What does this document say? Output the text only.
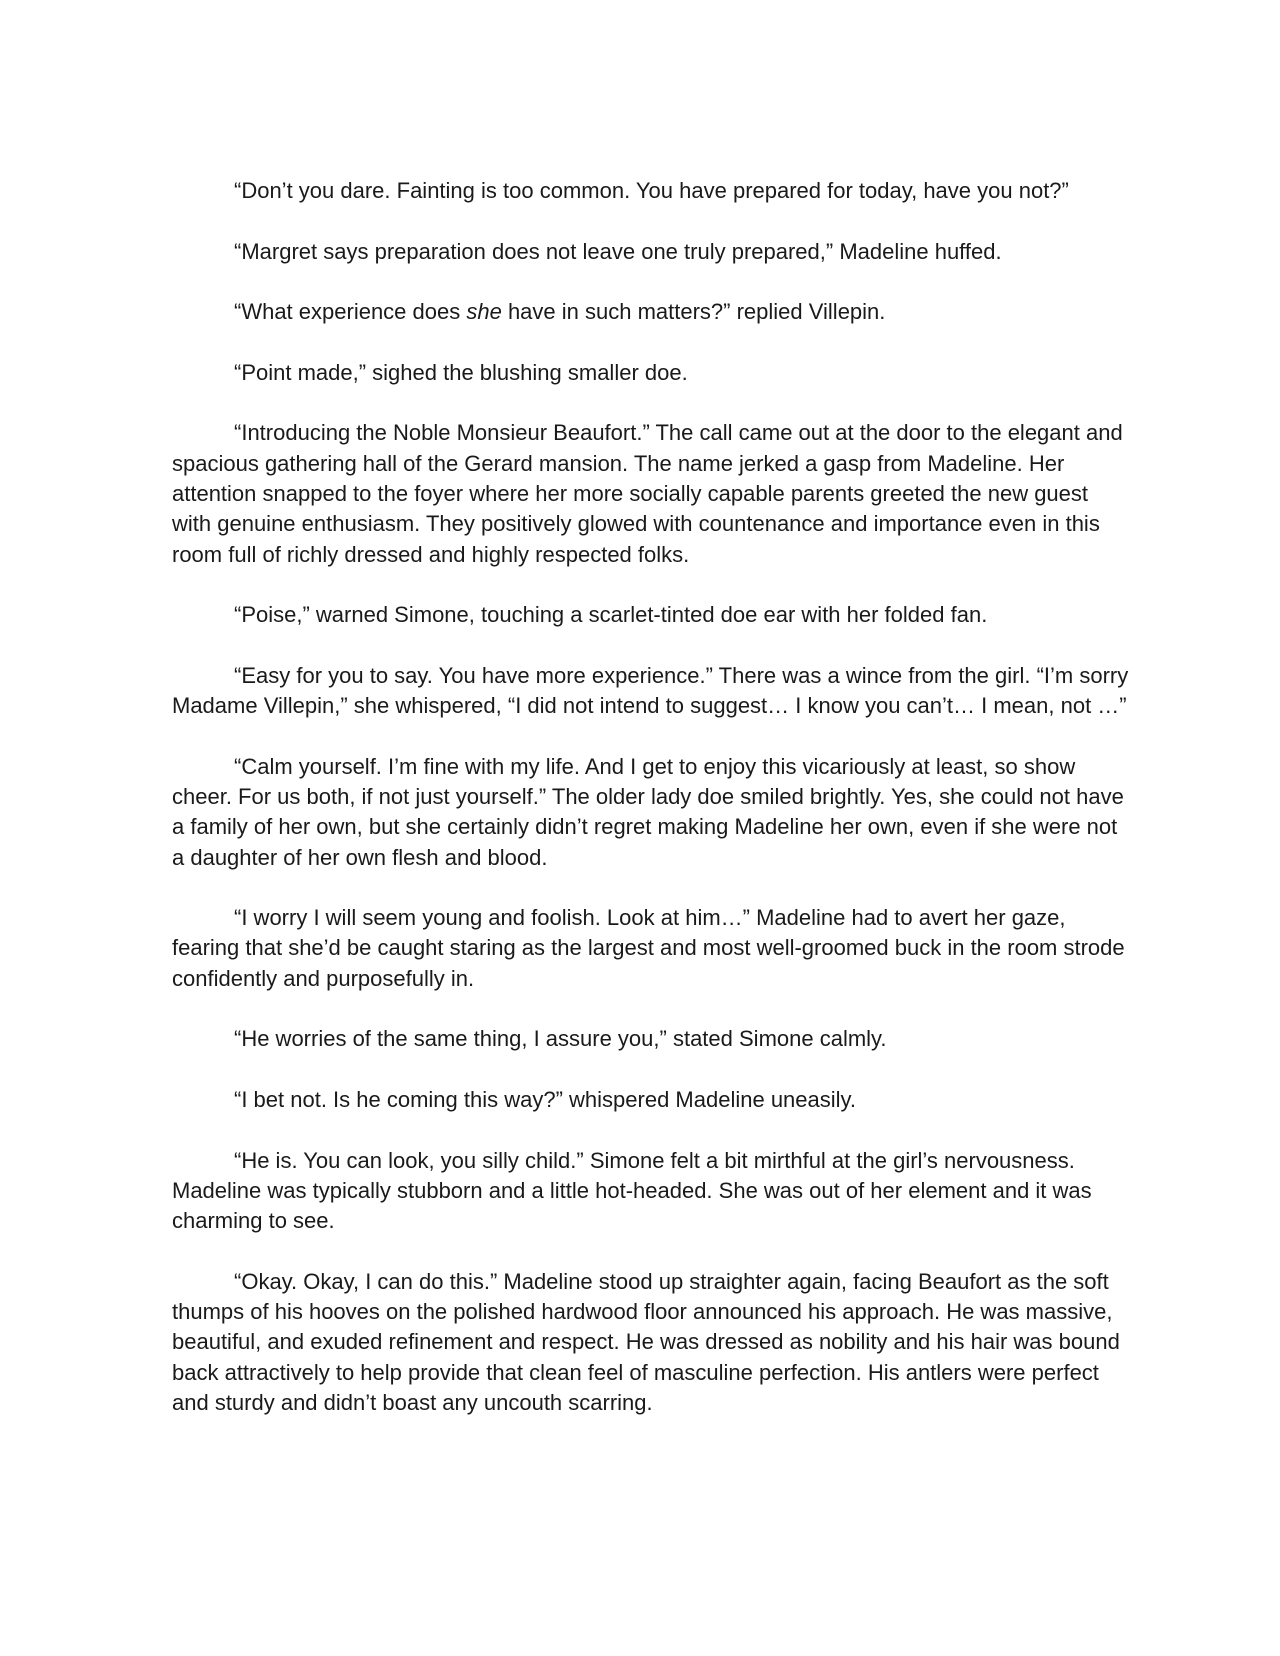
“Don’t you dare. Fainting is too common. You have prepared for today, have you not?”

“Margret says preparation does not leave one truly prepared,” Madeline huffed.

“What experience does she have in such matters?” replied Villepin.

“Point made,” sighed the blushing smaller doe.

“Introducing the Noble Monsieur Beaufort.” The call came out at the door to the elegant and spacious gathering hall of the Gerard mansion. The name jerked a gasp from Madeline. Her attention snapped to the foyer where her more socially capable parents greeted the new guest with genuine enthusiasm. They positively glowed with countenance and importance even in this room full of richly dressed and highly respected folks.

“Poise,” warned Simone, touching a scarlet-tinted doe ear with her folded fan.

“Easy for you to say. You have more experience.” There was a wince from the girl. “I’m sorry Madame Villepin,” she whispered, “I did not intend to suggest… I know you can’t… I mean, not …”

“Calm yourself. I’m fine with my life. And I get to enjoy this vicariously at least, so show cheer. For us both, if not just yourself.” The older lady doe smiled brightly. Yes, she could not have a family of her own, but she certainly didn’t regret making Madeline her own, even if she were not a daughter of her own flesh and blood.

“I worry I will seem young and foolish. Look at him…” Madeline had to avert her gaze, fearing that she’d be caught staring as the largest and most well-groomed buck in the room strode confidently and purposefully in.

“He worries of the same thing, I assure you,” stated Simone calmly.

“I bet not. Is he coming this way?” whispered Madeline uneasily.

“He is. You can look, you silly child.” Simone felt a bit mirthful at the girl’s nervousness. Madeline was typically stubborn and a little hot-headed. She was out of her element and it was charming to see.

“Okay. Okay, I can do this.” Madeline stood up straighter again, facing Beaufort as the soft thumps of his hooves on the polished hardwood floor announced his approach. He was massive, beautiful, and exuded refinement and respect. He was dressed as nobility and his hair was bound back attractively to help provide that clean feel of masculine perfection. His antlers were perfect and sturdy and didn’t boast any uncouth scarring.
